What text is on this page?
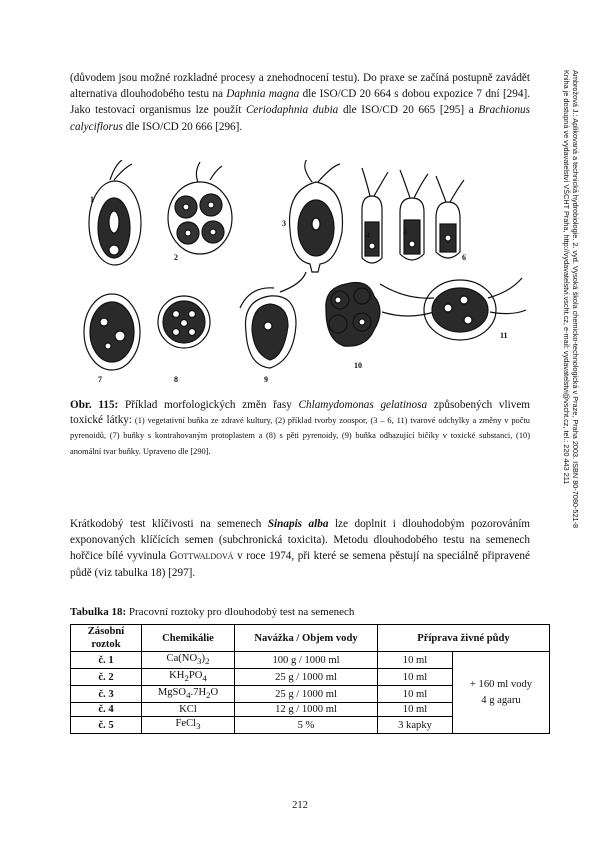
(důvodem jsou možné rozkladné procesy a znehodnocení testu). Do praxe se začíná postupně zavádět alternativa dlouhodobého testu na Daphnia magna dle ISO/CD 20 664 s dobou expozice 7 dní [294]. Jako testovací organismus lze použít Ceriodaphnia dubia dle ISO/CD 20 665 [295] a Brachionus calyciflorus dle ISO/CD 20 666 [296].

1
2
3
4	5
6
7	8	9
10
11

Obr. 115: Příklad morfologických změn řasy Chlamydomonas gelatinosa způsobených vlivem toxické látky: (1) vegetativní buňka ze zdravé kultury, (2) příklad tvorby zoospor, (3 – 6, 11) tvarové odchylky a změny v počtu pyrenoidů, (7) buňky s kontrahovaným protoplastem a (8) s pěti pyrenoidy, (9) buňka odhazující bičíky v toxické substanci, (10) anomální tvar buňky. Upraveno dle [290].

Krátkodobý test klíčivosti na semenech Sinapis alba lze doplnit i dlouhodobým pozorováním exponovaných klíčících semen (subchronická toxicita). Metodu dlouhodobého testu na semenech hořčice bílé vyvinula Gottwaldová v roce 1974, při které se semena pěstují na speciálně připravené půdě (viz tabulka 18) [297].

Tabulka 18: Pracovní roztoky pro dlouhodobý test na semenech
Zásobní roztok	Chemikálie	Navážka / Objem vody	Příprava živné půdy	
č. 1	$Ca(NO_3)_2$	100 g / 1000 ml	10 ml	+ 160 ml vody
4 g agaru
č. 2	$KH_2PO_4$	25 g / 1000 ml	10 ml	
č. 3	$MgSO_4.7H_2O$	25 g / 1000 ml	10 ml	
č. 4	KCl	12 g / 1000 ml	10 ml	
č. 5	FeCl$_3$	5 %	3 kapky	
Ambrožová J.: Aplikovaná a technická hydrobiologie. 2. vyd. Vysoká škola chemicko-technologická v Praze, Praha 2003. ISBN 80-7080-521-8
Kniha je dostupná ve vydavatelství VŠCHT Praha, http://vydavatelstvi.vscht.cz, e-mail: vydavatelstvi@vscht.cz, tel.: 220 443 211
212
